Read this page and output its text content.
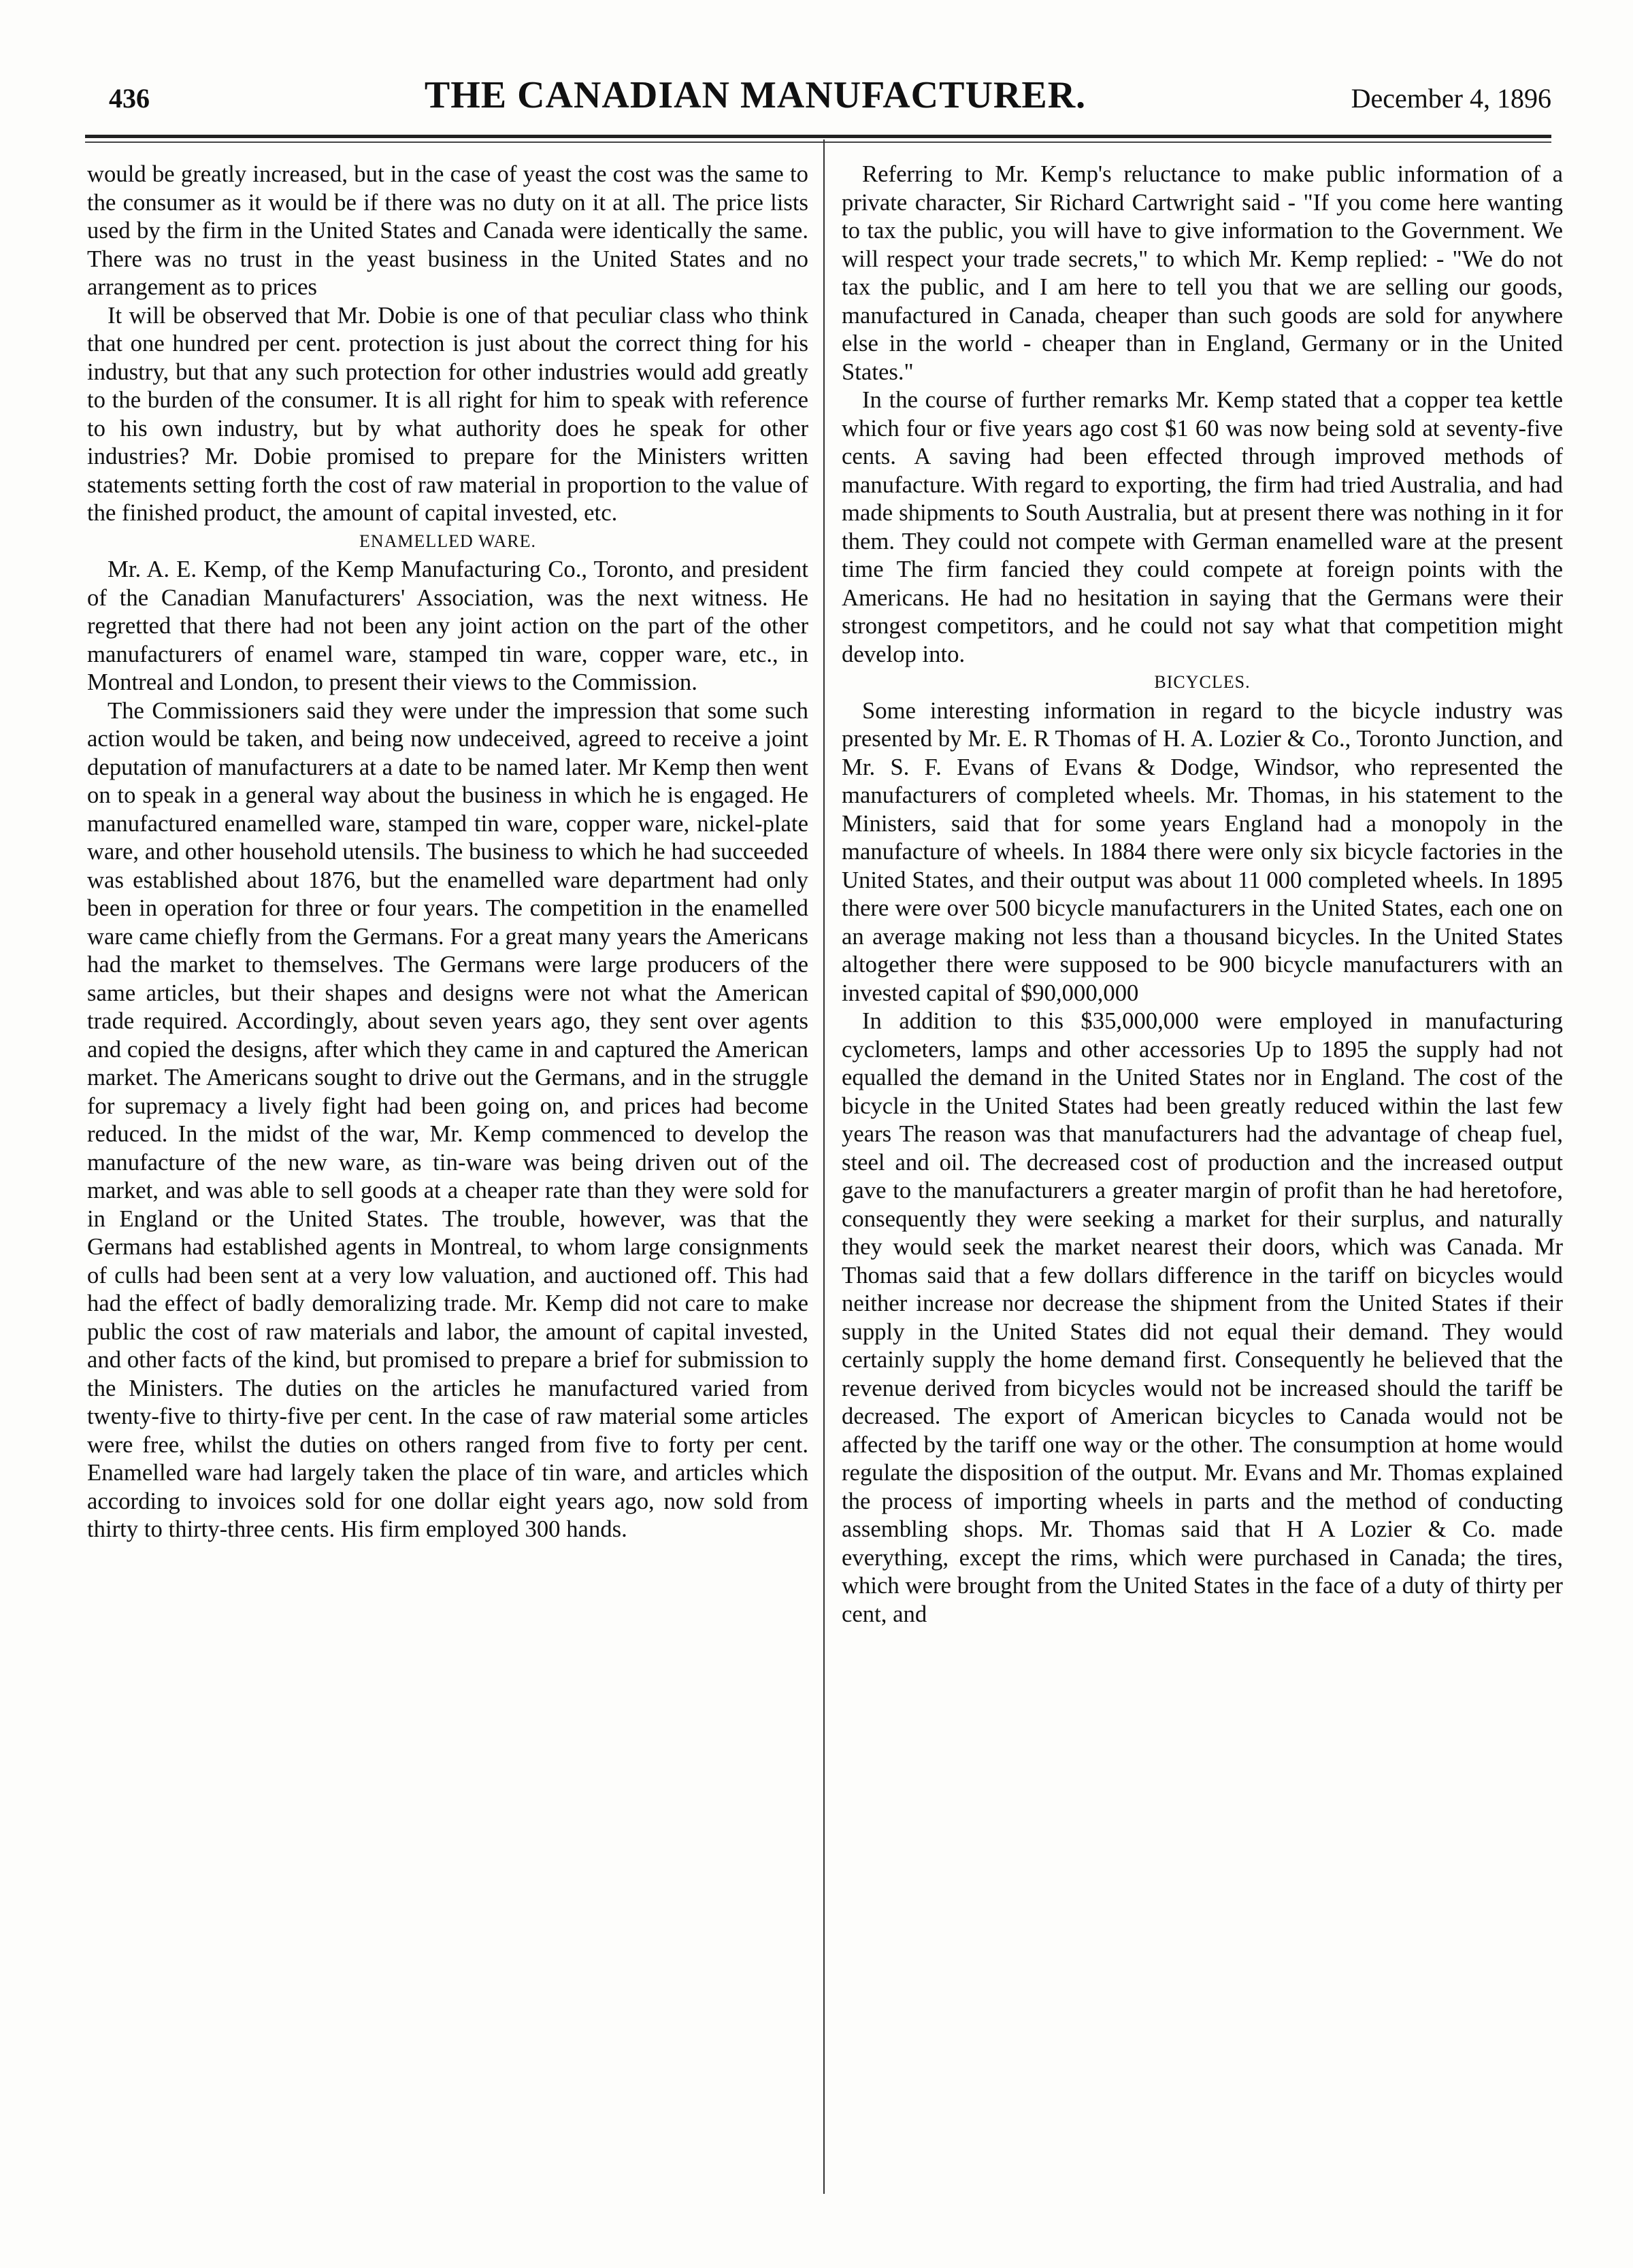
436	THE CANADIAN MANUFACTURER.	December 4, 1896

would be greatly increased, but in the case of yeast the cost was the same to the consumer as it would be if there was no duty on it at all. The price lists used by the firm in the United States and Canada were identically the same. There was no trust in the yeast business in the United States and no arrangement as to prices

It will be observed that Mr. Dobie is one of that peculiar class who think that one hundred per cent. protection is just about the correct thing for his industry, but that any such protection for other industries would add greatly to the burden of the consumer. It is all right for him to speak with reference to his own industry, but by what authority does he speak for other industries? Mr. Dobie promised to prepare for the Ministers written statements setting forth the cost of raw material in proportion to the value of the finished product, the amount of capital invested, etc.

ENAMELLED WARE.

Mr. A. E. Kemp, of the Kemp Manufacturing Co., Toronto, and president of the Canadian Manufacturers' Association, was the next witness. He regretted that there had not been any joint action on the part of the other manufacturers of enamel ware, stamped tin ware, copper ware, etc., in Montreal and London, to present their views to the Commission.

The Commissioners said they were under the impression that some such action would be taken, and being now undeceived, agreed to receive a joint deputation of manufacturers at a date to be named later. Mr Kemp then went on to speak in a general way about the business in which he is engaged. He manufactured enamelled ware, stamped tin ware, copper ware, nickel-plate ware, and other household utensils. The business to which he had succeeded was established about 1876, but the enamelled ware department had only been in operation for three or four years. The competition in the enamelled ware came chiefly from the Germans. For a great many years the Americans had the market to themselves. The Germans were large producers of the same articles, but their shapes and designs were not what the American trade required. Accordingly, about seven years ago, they sent over agents and copied the designs, after which they came in and captured the American market. The Americans sought to drive out the Germans, and in the struggle for supremacy a lively fight had been going on, and prices had become reduced. In the midst of the war, Mr. Kemp commenced to develop the manufacture of the new ware, as tin-ware was being driven out of the market, and was able to sell goods at a cheaper rate than they were sold for in England or the United States. The trouble, however, was that the Germans had established agents in Montreal, to whom large consignments of culls had been sent at a very low valuation, and auctioned off. This had had the effect of badly demoralizing trade. Mr. Kemp did not care to make public the cost of raw materials and labor, the amount of capital invested, and other facts of the kind, but promised to prepare a brief for submission to the Ministers. The duties on the articles he manufactured varied from twenty-five to thirty-five per cent. In the case of raw material some articles were free, whilst the duties on others ranged from five to forty per cent. Enamelled ware had largely taken the place of tin ware, and articles which according to invoices sold for one dollar eight years ago, now sold from thirty to thirty-three cents. His firm employed 300 hands.

Referring to Mr. Kemp's reluctance to make public information of a private character, Sir Richard Cartwright said - "If you come here wanting to tax the public, you will have to give information to the Government. We will respect your trade secrets," to which Mr. Kemp replied: - "We do not tax the public, and I am here to tell you that we are selling our goods, manufactured in Canada, cheaper than such goods are sold for anywhere else in the world - cheaper than in England, Germany or in the United States."

In the course of further remarks Mr. Kemp stated that a copper tea kettle which four or five years ago cost $1 60 was now being sold at seventy-five cents. A saving had been effected through improved methods of manufacture. With regard to exporting, the firm had tried Australia, and had made shipments to South Australia, but at present there was nothing in it for them. They could not compete with German enamelled ware at the present time The firm fancied they could compete at foreign points with the Americans. He had no hesitation in saying that the Germans were their strongest competitors, and he could not say what that competition might develop into.

BICYCLES.

Some interesting information in regard to the bicycle industry was presented by Mr. E. R Thomas of H. A. Lozier & Co., Toronto Junction, and Mr. S. F. Evans of Evans & Dodge, Windsor, who represented the manufacturers of completed wheels. Mr. Thomas, in his statement to the Ministers, said that for some years England had a monopoly in the manufacture of wheels. In 1884 there were only six bicycle factories in the United States, and their output was about 11 000 completed wheels. In 1895 there were over 500 bicycle manufacturers in the United States, each one on an average making not less than a thousand bicycles. In the United States altogether there were supposed to be 900 bicycle manufacturers with an invested capital of $90,000,000

In addition to this $35,000,000 were employed in manufacturing cyclometers, lamps and other accessories Up to 1895 the supply had not equalled the demand in the United States nor in England. The cost of the bicycle in the United States had been greatly reduced within the last few years The reason was that manufacturers had the advantage of cheap fuel, steel and oil. The decreased cost of production and the increased output gave to the manufacturers a greater margin of profit than he had heretofore, consequently they were seeking a market for their surplus, and naturally they would seek the market nearest their doors, which was Canada. Mr Thomas said that a few dollars difference in the tariff on bicycles would neither increase nor decrease the shipment from the United States if their supply in the United States did not equal their demand. They would certainly supply the home demand first. Consequently he believed that the revenue derived from bicycles would not be increased should the tariff be decreased. The export of American bicycles to Canada would not be affected by the tariff one way or the other. The consumption at home would regulate the disposition of the output. Mr. Evans and Mr. Thomas explained the process of importing wheels in parts and the method of conducting assembling shops. Mr. Thomas said that H A Lozier & Co. made everything, except the rims, which were purchased in Canada; the tires, which were brought from the United States in the face of a duty of thirty per cent, and
